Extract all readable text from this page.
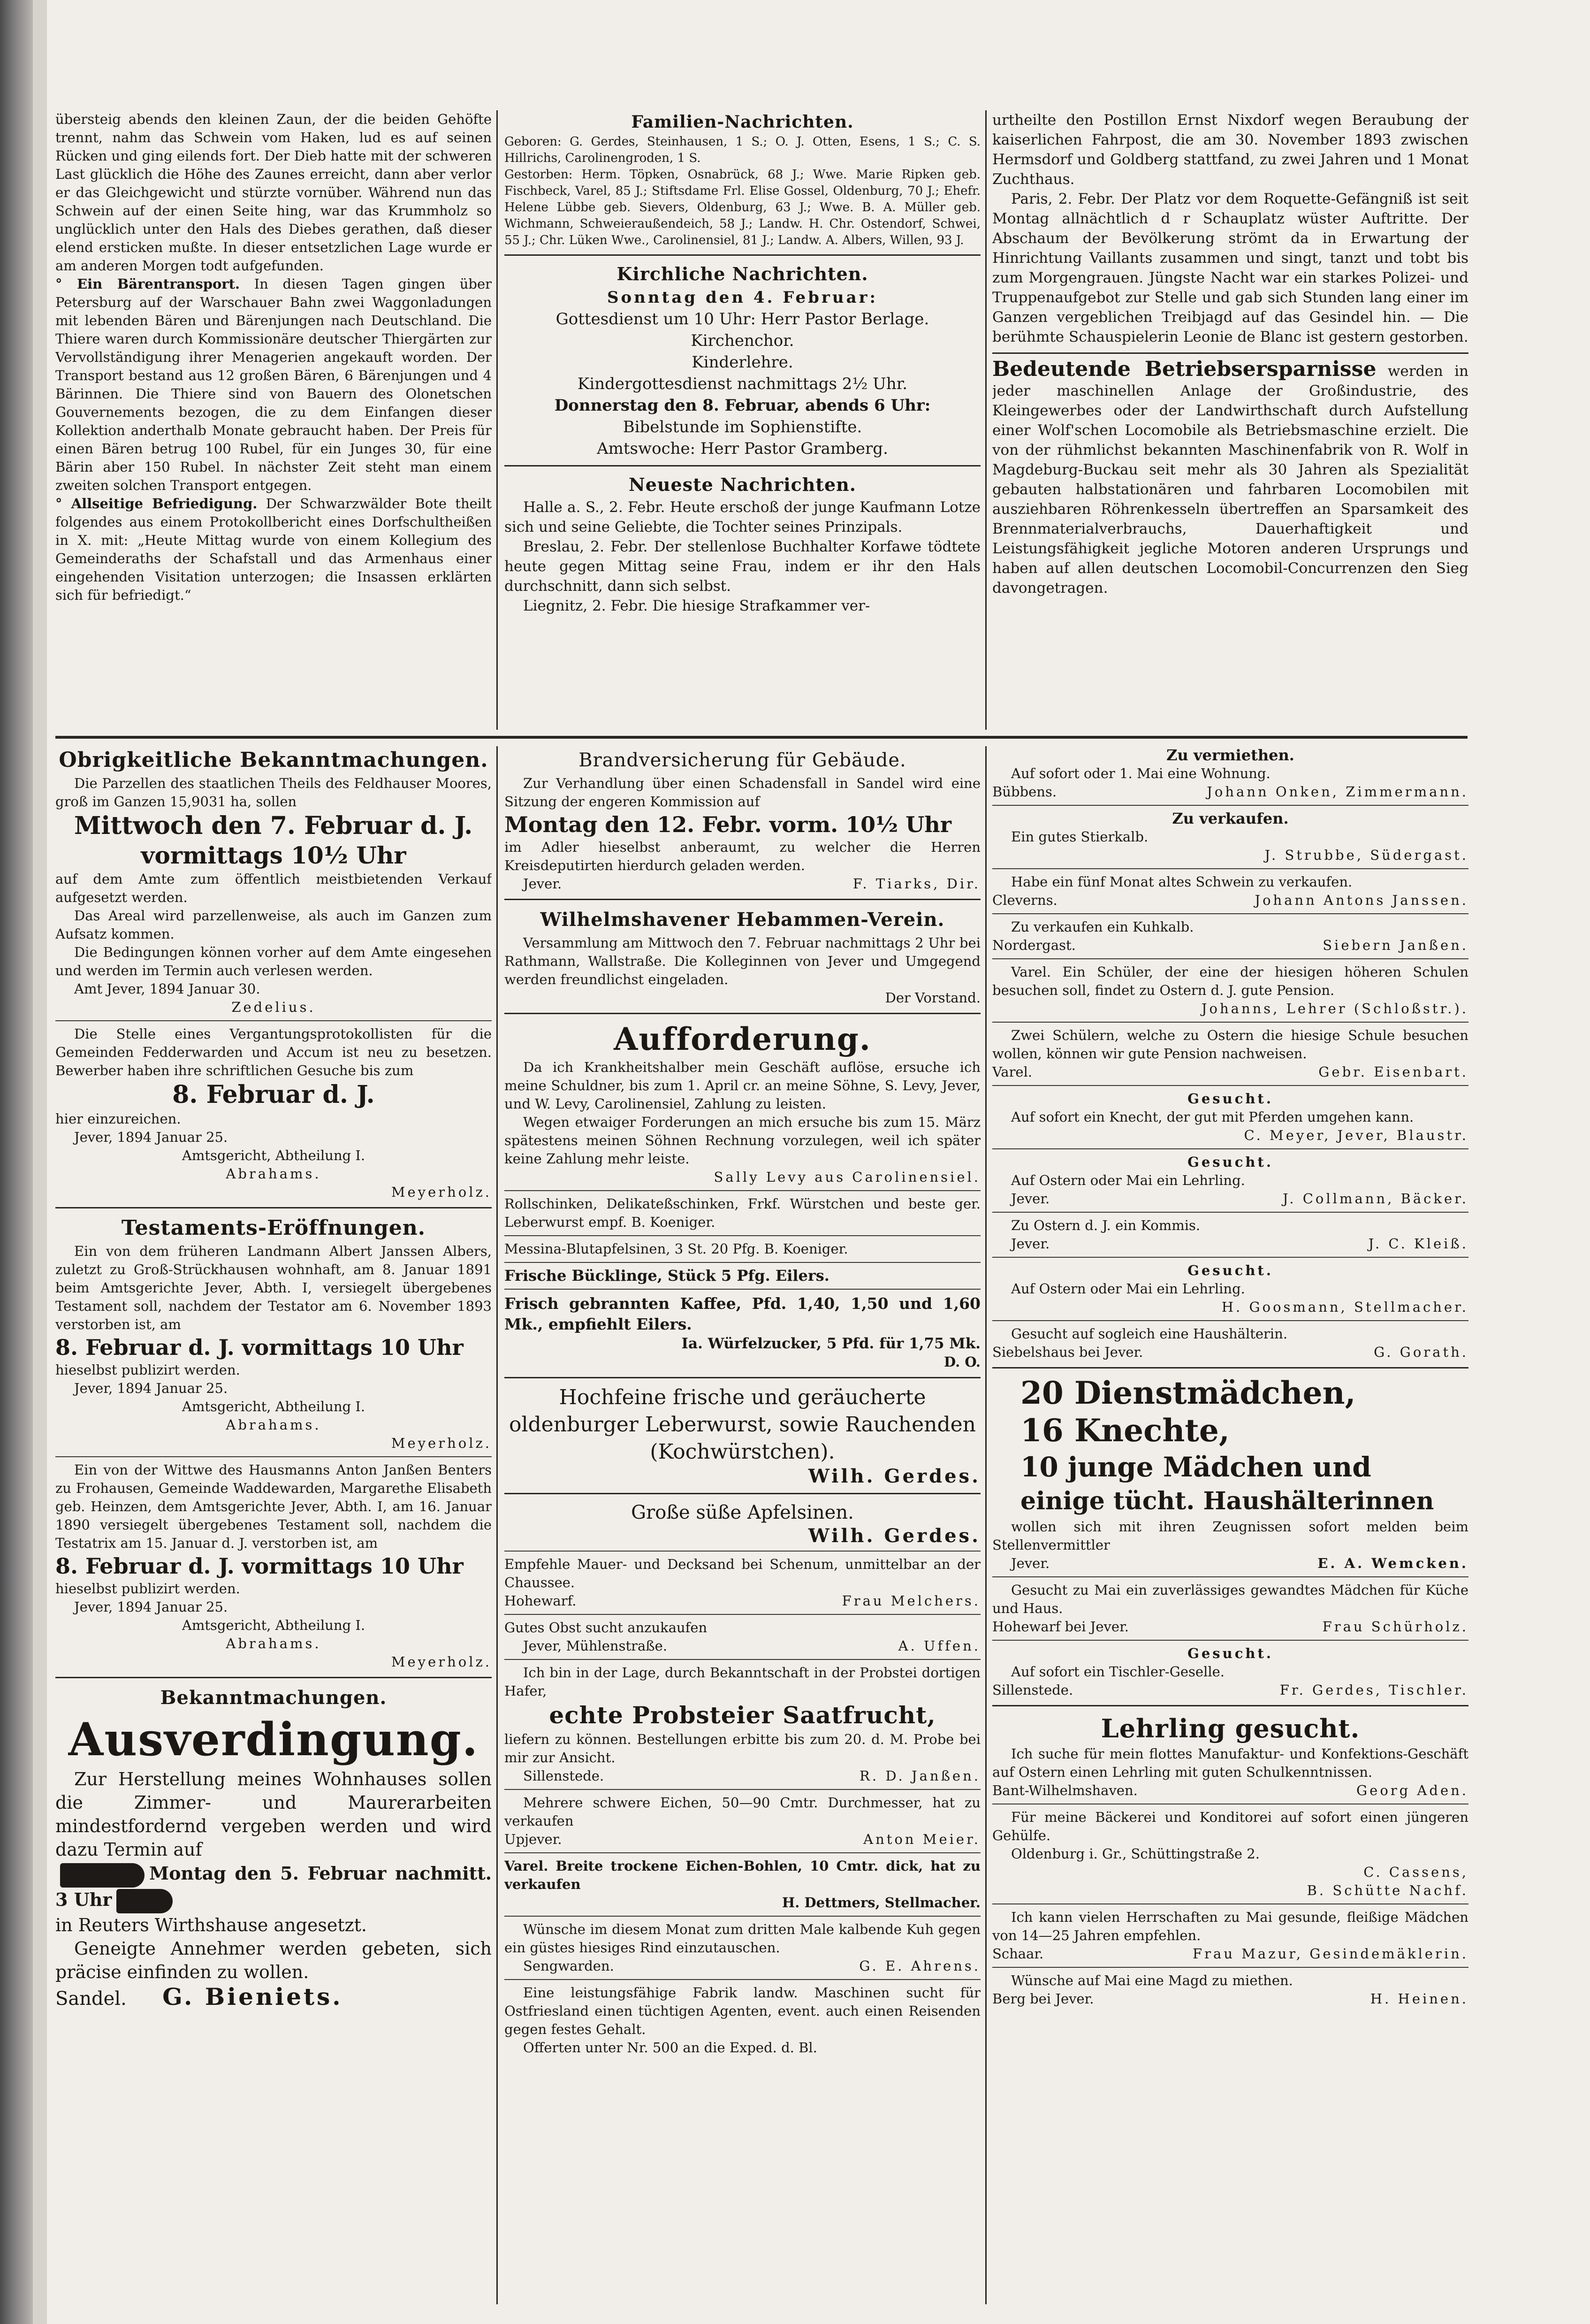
übersteig abends den kleinen Zaun, der die beiden Gehöfte trennt, nahm das Schwein vom Haken, lud es auf seinen Rücken und ging eilends fort. Der Dieb hatte mit der schweren Last glücklich die Höhe des Zaunes erreicht, dann aber verlor er das Gleichgewicht und stürzte vornüber. Während nun das Schwein auf der einen Seite hing, war das Krummholz so unglücklich unter den Hals des Diebes gerathen, daß dieser elend ersticken mußte. In dieser entsetzlichen Lage wurde er am anderen Morgen todt aufgefunden.

° Ein Bärentransport. In diesen Tagen gingen über Petersburg auf der Warschauer Bahn zwei Waggonladungen mit lebenden Bären und Bärenjungen nach Deutschland. Die Thiere waren durch Kommissionäre deutscher Thiergärten zur Vervollständigung ihrer Menagerien angekauft worden. Der Transport bestand aus 12 großen Bären, 6 Bärenjungen und 4 Bärinnen. Die Thiere sind von Bauern des Olonetschen Gouvernements bezogen, die zu dem Einfangen dieser Kollektion anderthalb Monate gebraucht haben. Der Preis für einen Bären betrug 100 Rubel, für ein Junges 30, für eine Bärin aber 150 Rubel. In nächster Zeit steht man einem zweiten solchen Transport entgegen.

° Allseitige Befriedigung. Der Schwarzwälder Bote theilt folgendes aus einem Protokollbericht eines Dorfschultheißen in X. mit: „Heute Mittag wurde von einem Kollegium des Gemeinderaths der Schafstall und das Armenhaus einer eingehenden Visitation unterzogen; die Insassen erklärten sich für befriedigt.“

Familien-Nachrichten.

Geboren: G. Gerdes, Steinhausen, 1 S.; O. J. Otten, Esens, 1 S.; C. S. Hillrichs, Carolinengroden, 1 S.

Gestorben: Herm. Töpken, Osnabrück, 68 J.; Wwe. Marie Ripken geb. Fischbeck, Varel, 85 J.; Stiftsdame Frl. Elise Gossel, Oldenburg, 70 J.; Ehefr. Helene Lübbe geb. Sievers, Oldenburg, 63 J.; Wwe. B. A. Müller geb. Wichmann, Schweieraußendeich, 58 J.; Landw. H. Chr. Ostendorf, Schwei, 55 J.; Chr. Lüken Wwe., Carolinensiel, 81 J.; Landw. A. Albers, Willen, 93 J.

Kirchliche Nachrichten.

Sonntag den 4. Februar:

Gottesdienst um 10 Uhr: Herr Pastor Berlage.

Kirchenchor.

Kinderlehre.

Kindergottesdienst nachmittags 2½ Uhr.

Donnerstag den 8. Februar, abends 6 Uhr:

Bibelstunde im Sophienstifte.

Amtswoche: Herr Pastor Gramberg.

Neueste Nachrichten.

Halle a. S., 2. Febr. Heute erschoß der junge Kaufmann Lotze sich und seine Geliebte, die Tochter seines Prinzipals.

Breslau, 2. Febr. Der stellenlose Buchhalter Korfawe tödtete heute gegen Mittag seine Frau, indem er ihr den Hals durchschnitt, dann sich selbst.

Liegnitz, 2. Febr. Die hiesige Strafkammer ver-

urtheilte den Postillon Ernst Nixdorf wegen Beraubung der kaiserlichen Fahrpost, die am 30. November 1893 zwischen Hermsdorf und Goldberg stattfand, zu zwei Jahren und 1 Monat Zuchthaus.

Paris, 2. Febr. Der Platz vor dem Roquette-Gefängniß ist seit Montag allnächtlich d r Schauplatz wüster Auftritte. Der Abschaum der Bevölkerung strömt da in Erwartung der Hinrichtung Vaillants zusammen und singt, tanzt und tobt bis zum Morgengrauen. Jüngste Nacht war ein starkes Polizei- und Truppenaufgebot zur Stelle und gab sich Stunden lang einer im Ganzen vergeblichen Treibjagd auf das Gesindel hin. — Die berühmte Schauspielerin Leonie de Blanc ist gestern gestorben.

Bedeutende Betriebsersparnisse werden in jeder maschinellen Anlage der Großindustrie, des Kleingewerbes oder der Landwirthschaft durch Aufstellung einer Wolf'schen Locomobile als Betriebsmaschine erzielt. Die von der rühmlichst bekannten Maschinenfabrik von R. Wolf in Magdeburg-Buckau seit mehr als 30 Jahren als Spezialität gebauten halbstationären und fahrbaren Locomobilen mit ausziehbaren Röhrenkesseln übertreffen an Sparsamkeit des Brennmaterialverbrauchs, Dauerhaftigkeit und Leistungsfähigkeit jegliche Motoren anderen Ursprungs und haben auf allen deutschen Locomobil-Concurrenzen den Sieg davongetragen.

Obrigkeitliche Bekanntmachungen.

Die Parzellen des staatlichen Theils des Feldhauser Moores, groß im Ganzen 15,9031 ha, sollen

Mittwoch den 7. Februar d. J.

vormittags 10½ Uhr

auf dem Amte zum öffentlich meistbietenden Verkauf aufgesetzt werden.

Das Areal wird parzellenweise, als auch im Ganzen zum Aufsatz kommen.

Die Bedingungen können vorher auf dem Amte eingesehen und werden im Termin auch verlesen werden.

Amt Jever, 1894 Januar 30.

Zedelius.

Die Stelle eines Vergantungsprotokollisten für die Gemeinden Fedderwarden und Accum ist neu zu besetzen. Bewerber haben ihre schriftlichen Gesuche bis zum

8. Februar d. J.

hier einzureichen.

Jever, 1894 Januar 25.

Amtsgericht, Abtheilung I.

Abrahams.

Meyerholz.

Testaments-Eröffnungen.

Ein von dem früheren Landmann Albert Janssen Albers, zuletzt zu Groß-Strückhausen wohnhaft, am 8. Januar 1891 beim Amtsgerichte Jever, Abth. I, versiegelt übergebenes Testament soll, nachdem der Testator am 6. November 1893 verstorben ist, am

8. Februar d. J. vormittags 10 Uhr

hieselbst publizirt werden.

Jever, 1894 Januar 25.

Amtsgericht, Abtheilung I.

Abrahams.

Meyerholz.

Ein von der Wittwe des Hausmanns Anton Janßen Benters zu Frohausen, Gemeinde Waddewarden, Margarethe Elisabeth geb. Heinzen, dem Amtsgerichte Jever, Abth. I, am 16. Januar 1890 versiegelt übergebenes Testament soll, nachdem die Testatrix am 15. Januar d. J. verstorben ist, am

8. Februar d. J. vormittags 10 Uhr

hieselbst publizirt werden.

Jever, 1894 Januar 25.

Amtsgericht, Abtheilung I.

Abrahams.

Meyerholz.

Bekanntmachungen.

Ausverdingung.

Zur Herstellung meines Wohnhauses sollen die Zimmer- und Maurerarbeiten mindestfordernd vergeben werden und wird dazu Termin auf

Montag den 5. Februar nachmitt. 3 Uhr

in Reuters Wirthshause angesetzt.

Geneigte Annehmer werden gebeten, sich präcise einfinden zu wollen.

Sandel. G. Bieniets.

Brandversicherung für Gebäude.

Zur Verhandlung über einen Schadensfall in Sandel wird eine Sitzung der engeren Kommission auf

Montag den 12. Febr. vorm. 10½ Uhr

im Adler hieselbst anberaumt, zu welcher die Herren Kreisdeputirten hierdurch geladen werden.

Jever.	F. Tiarks, Dir.

Wilhelmshavener Hebammen-Verein.

Versammlung am Mittwoch den 7. Februar nachmittags 2 Uhr bei Rathmann, Wallstraße. Die Kolleginnen von Jever und Umgegend werden freundlichst eingeladen.

Der Vorstand.

Aufforderung.

Da ich Krankheitshalber mein Geschäft auflöse, ersuche ich meine Schuldner, bis zum 1. April cr. an meine Söhne, S. Levy, Jever, und W. Levy, Carolinensiel, Zahlung zu leisten.

Wegen etwaiger Forderungen an mich ersuche bis zum 15. März spätestens meinen Söhnen Rechnung vorzulegen, weil ich später keine Zahlung mehr leiste.

Sally Levy aus Carolinensiel.

Rollschinken, Delikateßschinken, Frkf. Würstchen und beste ger. Leberwurst empf. B. Koeniger.

Messina-Blutapfelsinen, 3 St. 20 Pfg. B. Koeniger.

Frische Bücklinge, Stück 5 Pfg. Eilers.

Frisch gebrannten Kaffee, Pfd. 1,40, 1,50 und 1,60 Mk., empfiehlt Eilers.

Ia. Würfelzucker, 5 Pfd. für 1,75 Mk.

D. O.

Hochfeine frische und geräucherte oldenburger Leberwurst, sowie Rauchenden (Kochwürstchen).

Wilh. Gerdes.

Große süße Apfelsinen.

Wilh. Gerdes.

Empfehle Mauer- und Decksand bei Schenum, unmittelbar an der Chaussee.

Hohewarf.	Frau Melchers.

Gutes Obst sucht anzukaufen

Jever, Mühlenstraße.	A. Uffen.

Ich bin in der Lage, durch Bekanntschaft in der Probstei dortigen Hafer,

echte Probsteier Saatfrucht,

liefern zu können. Bestellungen erbitte bis zum 20. d. M. Probe bei mir zur Ansicht.

Sillenstede.	R. D. Janßen.

Mehrere schwere Eichen, 50—90 Cmtr. Durchmesser, hat zu verkaufen

Upjever.	Anton Meier.

Varel. Breite trockene Eichen-Bohlen, 10 Cmtr. dick, hat zu verkaufen

H. Dettmers, Stellmacher.

Wünsche im diesem Monat zum dritten Male kalbende Kuh gegen ein güstes hiesiges Rind einzutauschen.

Sengwarden.	G. E. Ahrens.

Eine leistungsfähige Fabrik landw. Maschinen sucht für Ostfriesland einen tüchtigen Agenten, event. auch einen Reisenden gegen festes Gehalt.

Offerten unter Nr. 500 an die Exped. d. Bl.

Zu vermiethen.

Auf sofort oder 1. Mai eine Wohnung.

Bübbens.	Johann Onken, Zimmermann.

Zu verkaufen.

Ein gutes Stierkalb.

J. Strubbe, Südergast.

Habe ein fünf Monat altes Schwein zu verkaufen.

Cleverns.	Johann Antons Janssen.

Zu verkaufen ein Kuhkalb.

Nordergast.	Siebern Janßen.

Varel. Ein Schüler, der eine der hiesigen höheren Schulen besuchen soll, findet zu Ostern d. J. gute Pension.

Johanns, Lehrer (Schloßstr.).

Zwei Schülern, welche zu Ostern die hiesige Schule besuchen wollen, können wir gute Pension nachweisen.

Varel.	Gebr. Eisenbart.

Gesucht.

Auf sofort ein Knecht, der gut mit Pferden umgehen kann.

C. Meyer, Jever, Blaustr.

Gesucht.

Auf Ostern oder Mai ein Lehrling.

Jever.	J. Collmann, Bäcker.

Zu Ostern d. J. ein Kommis.

Jever.	J. C. Kleiß.

Gesucht.

Auf Ostern oder Mai ein Lehrling.

H. Goosmann, Stellmacher.

Gesucht auf sogleich eine Haushälterin.

Siebelshaus bei Jever.	G. Gorath.

20 Dienstmädchen,

16 Knechte,

10 junge Mädchen und

einige tücht. Haushälterinnen

wollen sich mit ihren Zeugnissen sofort melden beim Stellenvermittler

Jever.	E. A. Wemcken.

Gesucht zu Mai ein zuverlässiges gewandtes Mädchen für Küche und Haus.

Hohewarf bei Jever.	Frau Schürholz.

Gesucht.

Auf sofort ein Tischler-Geselle.

Sillenstede.	Fr. Gerdes, Tischler.

Lehrling gesucht.

Ich suche für mein flottes Manufaktur- und Konfektions-Geschäft auf Ostern einen Lehrling mit guten Schulkenntnissen.

Bant-Wilhelmshaven.	Georg Aden.

Für meine Bäckerei und Konditorei auf sofort einen jüngeren Gehülfe.

Oldenburg i. Gr., Schüttingstraße 2.

C. Cassens,

B. Schütte Nachf.

Ich kann vielen Herrschaften zu Mai gesunde, fleißige Mädchen von 14—25 Jahren empfehlen.

Schaar.	Frau Mazur, Gesindemäklerin.

Wünsche auf Mai eine Magd zu miethen.

Berg bei Jever.	H. Heinen.
